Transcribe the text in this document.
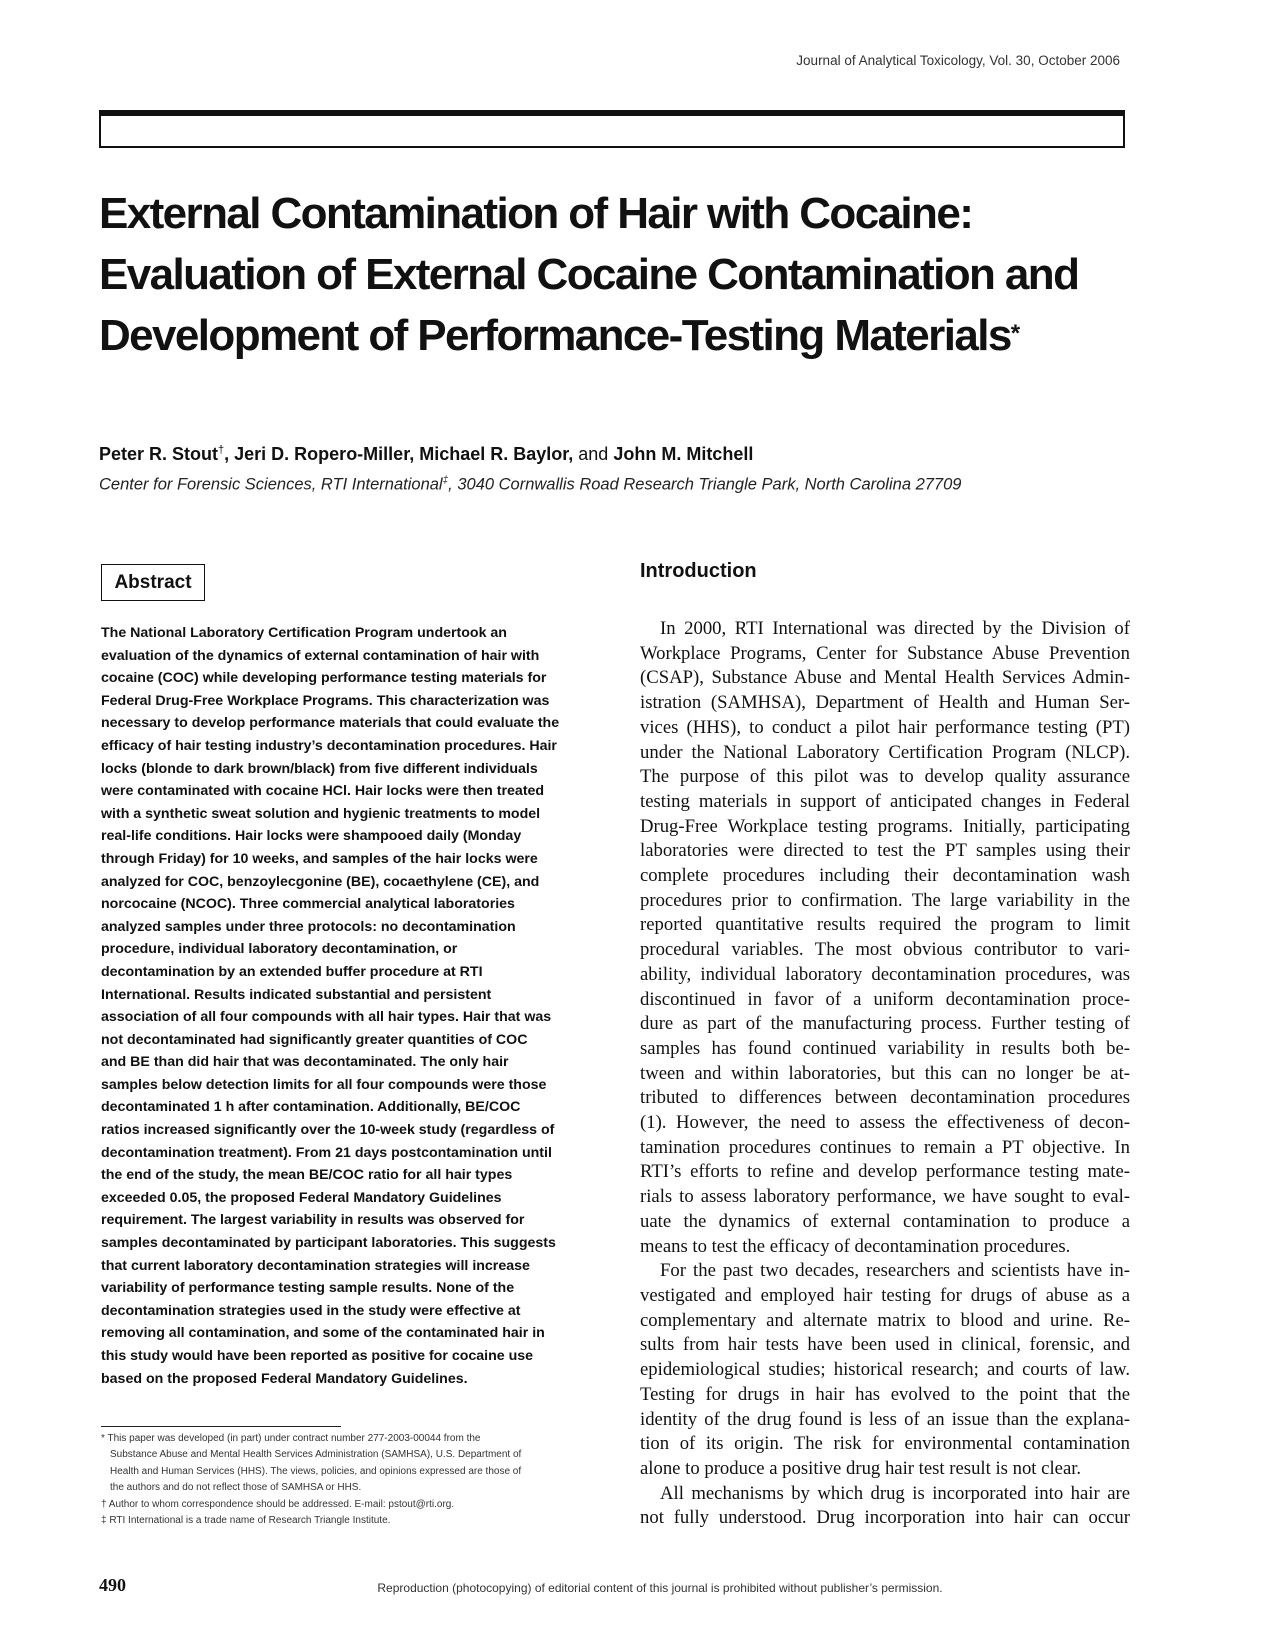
Journal of Analytical Toxicology, Vol. 30, October 2006
External Contamination of Hair with Cocaine:
Evaluation of External Cocaine Contamination and
Development of Performance-Testing Materials*
Peter R. Stout†, Jeri D. Ropero-Miller, Michael R. Baylor, and John M. Mitchell
Center for Forensic Sciences, RTI International‡, 3040 Cornwallis Road Research Triangle Park, North Carolina 27709
Abstract

The National Laboratory Certification Program undertook an
evaluation of the dynamics of external contamination of hair with
cocaine (COC) while developing performance testing materials for
Federal Drug-Free Workplace Programs. This characterization was
necessary to develop performance materials that could evaluate the
efficacy of hair testing industry’s decontamination procedures. Hair
locks (blonde to dark brown/black) from five different individuals
were contaminated with cocaine HCl. Hair locks were then treated
with a synthetic sweat solution and hygienic treatments to model
real-life conditions. Hair locks were shampooed daily (Monday
through Friday) for 10 weeks, and samples of the hair locks were
analyzed for COC, benzoylecgonine (BE), cocaethylene (CE), and
norcocaine (NCOC). Three commercial analytical laboratories
analyzed samples under three protocols: no decontamination
procedure, individual laboratory decontamination, or
decontamination by an extended buffer procedure at RTI
International. Results indicated substantial and persistent
association of all four compounds with all hair types. Hair that was
not decontaminated had significantly greater quantities of COC
and BE than did hair that was decontaminated. The only hair
samples below detection limits for all four compounds were those
decontaminated 1 h after contamination. Additionally, BE/COC
ratios increased significantly over the 10-week study (regardless of
decontamination treatment). From 21 days postcontamination until
the end of the study, the mean BE/COC ratio for all hair types
exceeded 0.05, the proposed Federal Mandatory Guidelines
requirement. The largest variability in results was observed for
samples decontaminated by participant laboratories. This suggests
that current laboratory decontamination strategies will increase
variability of performance testing sample results. None of the
decontamination strategies used in the study were effective at
removing all contamination, and some of the contaminated hair in
this study would have been reported as positive for cocaine use
based on the proposed Federal Mandatory Guidelines.

* This paper was developed (in part) under contract number 277-2003-00044 from the
Substance Abuse and Mental Health Services Administration (SAMHSA), U.S. Department of
Health and Human Services (HHS). The views, policies, and opinions expressed are those of
the authors and do not reflect those of SAMHSA or HHS.
† Author to whom correspondence should be addressed. E-mail: pstout@rti.org.
‡ RTI International is a trade name of Research Triangle Institute.
Introduction

In 2000, RTI International was directed by the Division of
Workplace Programs, Center for Substance Abuse Prevention
(CSAP), Substance Abuse and Mental Health Services Admin-
istration (SAMHSA), Department of Health and Human Ser-
vices (HHS), to conduct a pilot hair performance testing (PT)
under the National Laboratory Certification Program (NLCP).
The purpose of this pilot was to develop quality assurance
testing materials in support of anticipated changes in Federal
Drug-Free Workplace testing programs. Initially, participating
laboratories were directed to test the PT samples using their
complete procedures including their decontamination wash
procedures prior to confirmation. The large variability in the
reported quantitative results required the program to limit
procedural variables. The most obvious contributor to vari-
ability, individual laboratory decontamination procedures, was
discontinued in favor of a uniform decontamination proce-
dure as part of the manufacturing process. Further testing of
samples has found continued variability in results both be-
tween and within laboratories, but this can no longer be at-
tributed to differences between decontamination procedures
(1). However, the need to assess the effectiveness of decon-
tamination procedures continues to remain a PT objective. In
RTI’s efforts to refine and develop performance testing mate-
rials to assess laboratory performance, we have sought to eval-
uate the dynamics of external contamination to produce a
means to test the efficacy of decontamination procedures.
For the past two decades, researchers and scientists have in-
vestigated and employed hair testing for drugs of abuse as a
complementary and alternate matrix to blood and urine. Re-
sults from hair tests have been used in clinical, forensic, and
epidemiological studies; historical research; and courts of law.
Testing for drugs in hair has evolved to the point that the
identity of the drug found is less of an issue than the explana-
tion of its origin. The risk for environmental contamination
alone to produce a positive drug hair test result is not clear.
All mechanisms by which drug is incorporated into hair are
not fully understood. Drug incorporation into hair can occur

490	Reproduction (photocopying) of editorial content of this journal is prohibited without publisher’s permission.
